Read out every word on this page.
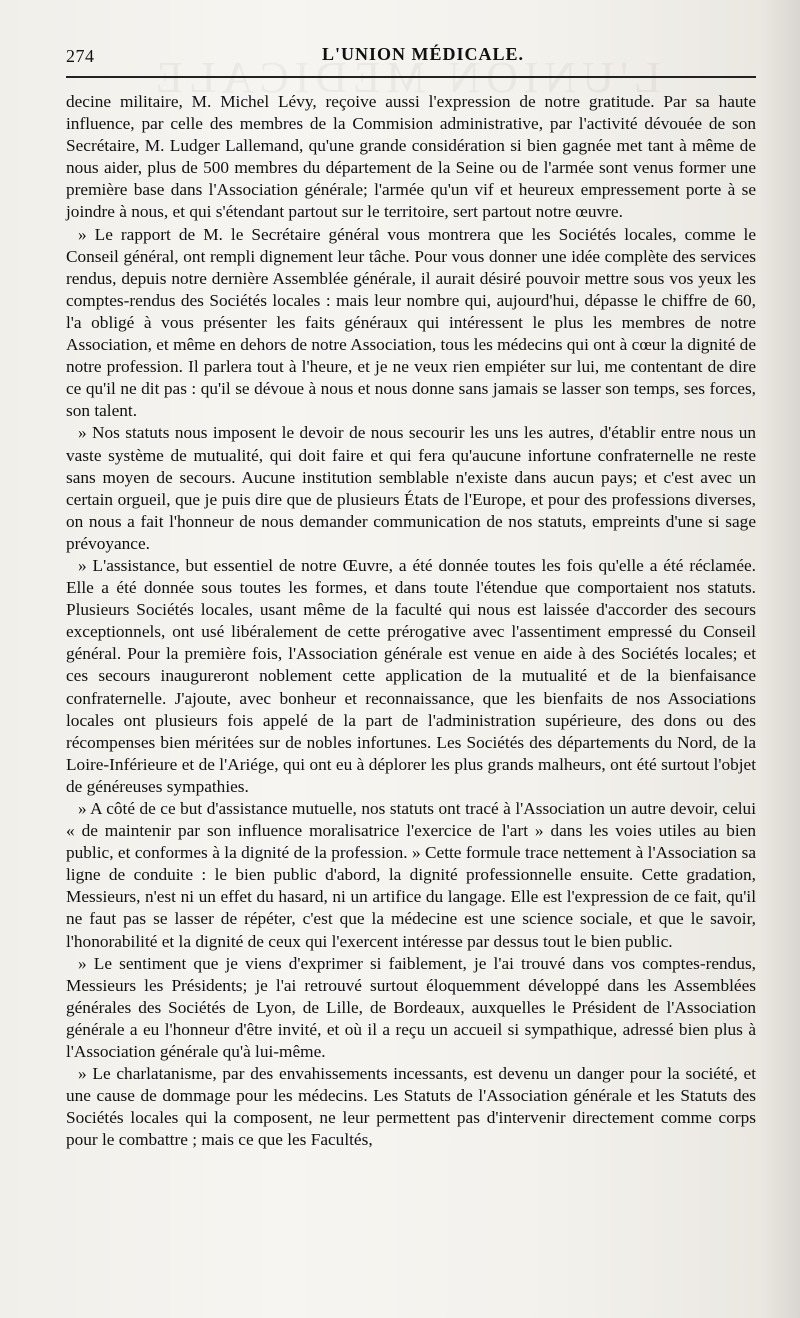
274	L'UNION MÉDICALE.

decine militaire, M. Michel Lévy, reçoive aussi l'expression de notre gratitude. Par sa haute influence, par celle des membres de la Commision administrative, par l'activité dévouée de son Secrétaire, M. Ludger Lallemand, qu'une grande considération si bien gagnée met tant à même de nous aider, plus de 500 membres du département de la Seine ou de l'armée sont venus former une première base dans l'Association générale; l'armée qu'un vif et heureux empressement porte à se joindre à nous, et qui s'étendant partout sur le territoire, sert partout notre œuvre.

» Le rapport de M. le Secrétaire général vous montrera que les Sociétés locales, comme le Conseil général, ont rempli dignement leur tâche. Pour vous donner une idée complète des services rendus, depuis notre dernière Assemblée générale, il aurait désiré pouvoir mettre sous vos yeux les comptes-rendus des Sociétés locales : mais leur nombre qui, aujourd'hui, dépasse le chiffre de 60, l'a obligé à vous présenter les faits généraux qui intéressent le plus les membres de notre Association, et même en dehors de notre Association, tous les médecins qui ont à cœur la dignité de notre profession. Il parlera tout à l'heure, et je ne veux rien empiéter sur lui, me contentant de dire ce qu'il ne dit pas : qu'il se dévoue à nous et nous donne sans jamais se lasser son temps, ses forces, son talent.

» Nos statuts nous imposent le devoir de nous secourir les uns les autres, d'établir entre nous un vaste système de mutualité, qui doit faire et qui fera qu'aucune infortune confraternelle ne reste sans moyen de secours. Aucune institution semblable n'existe dans aucun pays; et c'est avec un certain orgueil, que je puis dire que de plusieurs États de l'Europe, et pour des professions diverses, on nous a fait l'honneur de nous demander communication de nos statuts, empreints d'une si sage prévoyance.

» L'assistance, but essentiel de notre Œuvre, a été donnée toutes les fois qu'elle a été réclamée. Elle a été donnée sous toutes les formes, et dans toute l'étendue que comportaient nos statuts. Plusieurs Sociétés locales, usant même de la faculté qui nous est laissée d'accorder des secours exceptionnels, ont usé libéralement de cette prérogative avec l'assentiment empressé du Conseil général. Pour la première fois, l'Association générale est venue en aide à des Sociétés locales; et ces secours inaugureront noblement cette application de la mutualité et de la bienfaisance confraternelle. J'ajoute, avec bonheur et reconnaissance, que les bienfaits de nos Associations locales ont plusieurs fois appelé de la part de l'administration supérieure, des dons ou des récompenses bien méritées sur de nobles infortunes. Les Sociétés des départements du Nord, de la Loire-Inférieure et de l'Ariége, qui ont eu à déplorer les plus grands malheurs, ont été surtout l'objet de généreuses sympathies.

» A côté de ce but d'assistance mutuelle, nos statuts ont tracé à l'Association un autre devoir, celui « de maintenir par son influence moralisatrice l'exercice de l'art » dans les voies utiles au bien public, et conformes à la dignité de la profession. » Cette formule trace nettement à l'Association sa ligne de conduite : le bien public d'abord, la dignité professionnelle ensuite. Cette gradation, Messieurs, n'est ni un effet du hasard, ni un artifice du langage. Elle est l'expression de ce fait, qu'il ne faut pas se lasser de répéter, c'est que la médecine est une science sociale, et que le savoir, l'honorabilité et la dignité de ceux qui l'exercent intéresse par dessus tout le bien public.

» Le sentiment que je viens d'exprimer si faiblement, je l'ai trouvé dans vos comptes-rendus, Messieurs les Présidents; je l'ai retrouvé surtout éloquemment développé dans les Assemblées générales des Sociétés de Lyon, de Lille, de Bordeaux, auxquelles le Président de l'Association générale a eu l'honneur d'être invité, et où il a reçu un accueil si sympathique, adressé bien plus à l'Association générale qu'à lui-même.

» Le charlatanisme, par des envahissements incessants, est devenu un danger pour la société, et une cause de dommage pour les médecins. Les Statuts de l'Association générale et les Statuts des Sociétés locales qui la composent, ne leur permettent pas d'intervenir directement comme corps pour le combattre ; mais ce que les Facultés,
